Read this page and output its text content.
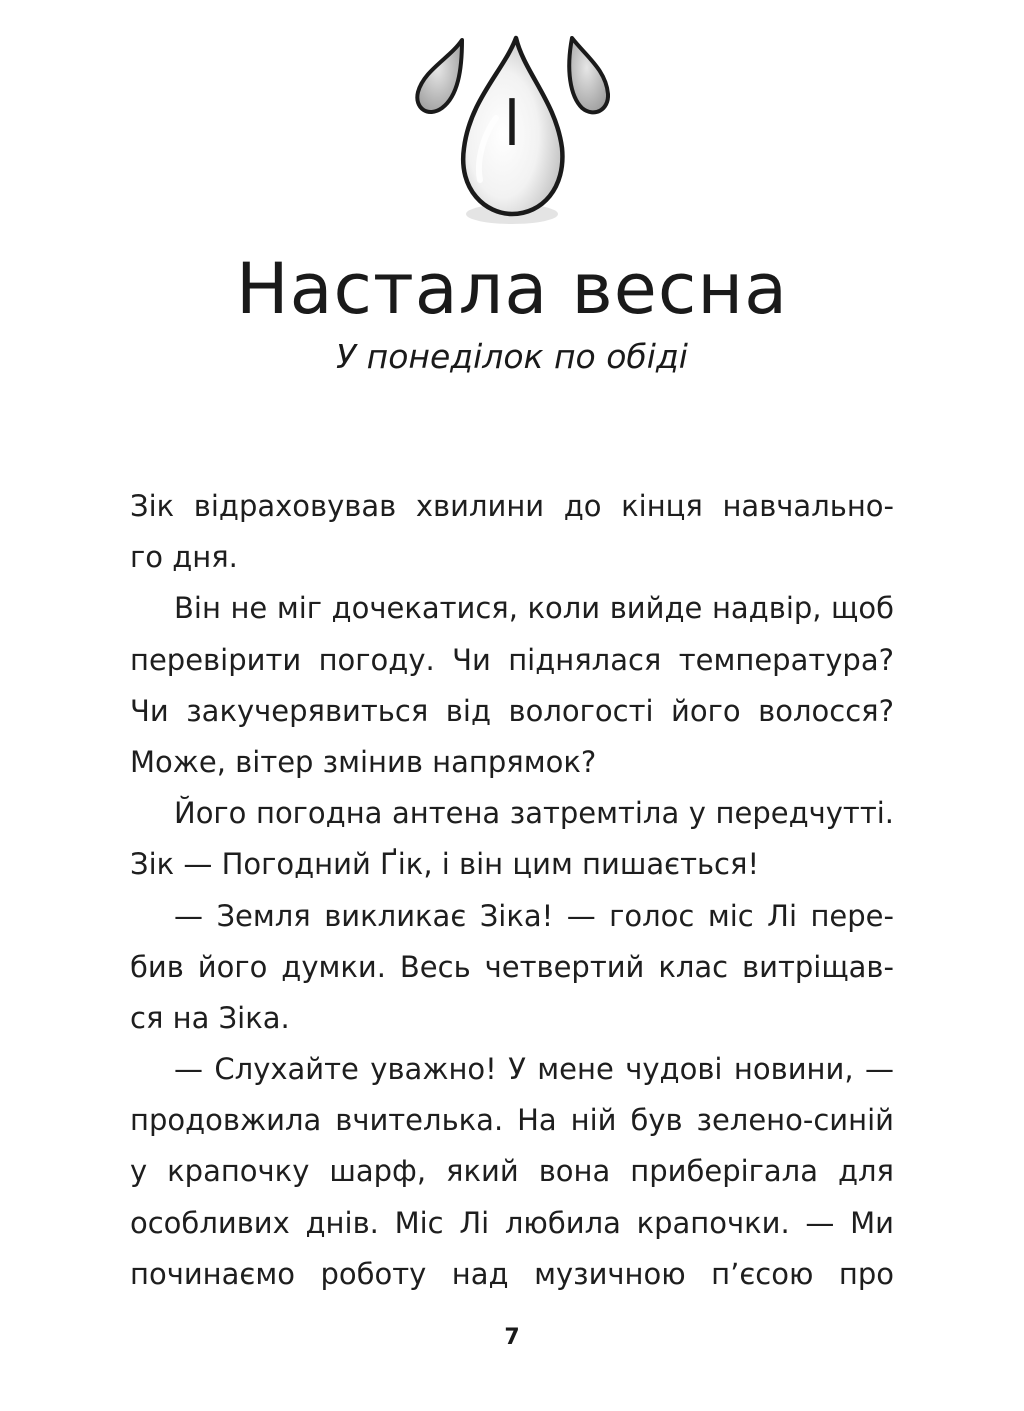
I
Настала весна
У понеділок по обіді
Зік відраховував хвилини до кінця навчально-
го дня.
Він не міг дочекатися, коли вийде надвір, щоб
перевірити погоду. Чи піднялася температура?
Чи закучерявиться від вологості його волосся?
Може, вітер змінив напрямок?
Його погодна антена затремтіла у передчутті.
Зік — Погодний Ґік, і він цим пишається!
— Земля викликає Зіка! — голос міс Лі пере-
бив його думки. Весь четвертий клас витріщав-
ся на Зіка.
— Слухайте уважно! У мене чудові новини, —
продовжила вчителька. На ній був зелено-синій
у крапочку шарф, який вона приберігала для
особливих днів. Міс Лі любила крапочки. — Ми
починаємо роботу над музичною п’єсою про
7
